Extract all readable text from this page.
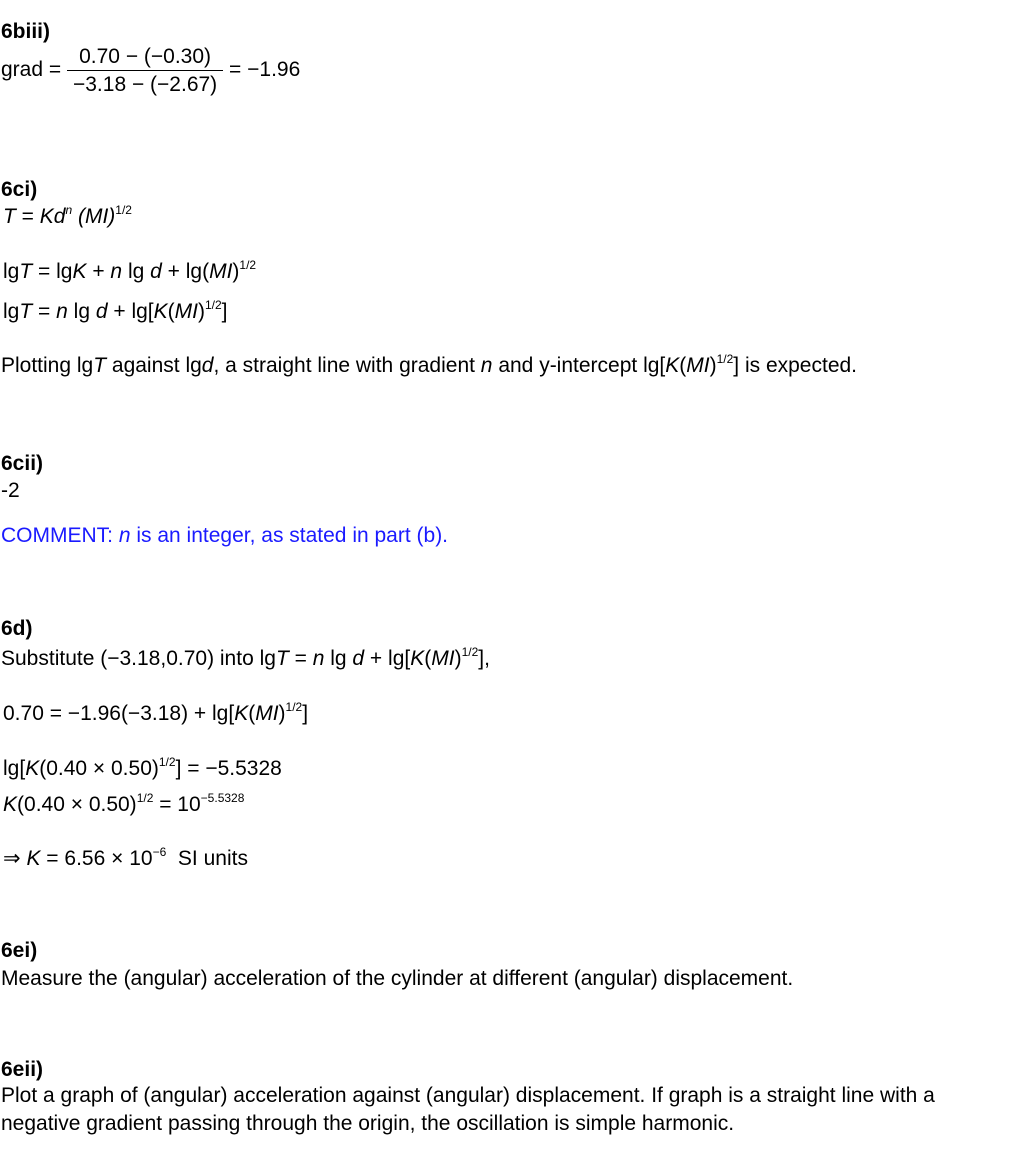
6biii)
grad = $\frac{0.70 - (-0.30)}{-3.18 - (-2.67)} = -1.96$
6ci)
$T = Kd^n$ (MI)$^{1/2}$
lgT = lgK + n lg d + lg(MI)$^{1/2}$
lgT = n lg d + lg[K(MI)$^{1/2}$]
Plotting lgT against lgd, a straight line with gradient n and y-intercept lg[K(MI)$^{1/2}$] is expected.
6cii)
-2
COMMENT: n is an integer, as stated in part (b).
6d)
Substitute (−3.18,0.70) into lgT = n lg d + lg[K(MI)$^{1/2}$],
0.70 = −1.96(−3.18) + lg[K(MI)$^{1/2}$]
$\lg[K(0.40 \times 0.50)^{1/2}] = -5.5328$
$K(0.40 \times 0.50)^{1/2} = 10^{-5.5328}$
⇒ $K = 6.56 \times 10^{-6}$  SI units
6ei)
Measure the (angular) acceleration of the cylinder at different (angular) displacement.
6eii)
Plot a graph of (angular) acceleration against (angular) displacement. If graph is a straight line with a negative gradient passing through the origin, the oscillation is simple harmonic.
